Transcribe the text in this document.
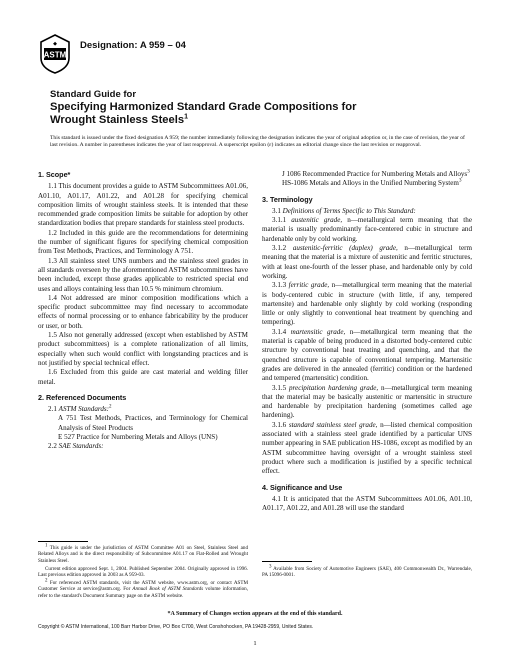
ASTM
◆ Designation: A 959 – 04
Standard Guide for
Specifying Harmonized Standard Grade Compositions for
Wrought Stainless Steels$^1$
This standard is issued under the fixed designation A 959; the number immediately following the designation indicates the year of original adoption or, in the case of revision, the year of last revision. A number in parentheses indicates the year of last reapproval. A superscript epsilon (ε) indicates an editorial change since the last revision or reapproval.
1. Scope*

1.1 This document provides a guide to ASTM Subcommittees A01.06, A01.10, A01.17, A01.22, and A01.28 for specifying chemical composition limits of wrought stainless steels. It is intended that these recommended grade composition limits be suitable for adoption by other standardization bodies that prepare standards for stainless steel products.

1.2 Included in this guide are the recommendations for determining the number of significant figures for specifying chemical composition from Test Methods, Practices, and Terminology A 751.

1.3 All stainless steel UNS numbers and the stainless steel grades in all standards overseen by the aforementioned ASTM subcommittees have been included, except those grades applicable to restricted special end uses and alloys containing less than 10.5 % minimum chromium.

1.4 Not addressed are minor composition modifications which a specific product subcommittee may find necessary to accommodate effects of normal processing or to enhance fabricability by the producer or user, or both.

1.5 Also not generally addressed (except when established by ASTM product subcommittees) is a complete rationalization of all limits, especially when such would conflict with longstanding practices and is not justified by special technical effect.

1.6 Excluded from this guide are cast material and welding filler metal.

2. Referenced Documents

2.1 ASTM Standards:$^2$

A 751 Test Methods, Practices, and Terminology for Chemical Analysis of Steel Products

E 527 Practice for Numbering Metals and Alloys (UNS)

2.2 SAE Standards:

J 1086 Recommended Practice for Numbering Metals and Alloys$^3$

HS-1086 Metals and Alloys in the Unified Numbering System$^3$

3. Terminology

3.1 Definitions of Terms Specific to This Standard:

3.1.1 austenitic grade, n—metallurgical term meaning that the material is usually predominantly face-centered cubic in structure and hardenable only by cold working.

3.1.2 austenitic-ferritic (duplex) grade, n—metallurgical term meaning that the material is a mixture of austenitic and ferritic structures, with at least one-fourth of the lesser phase, and hardenable only by cold working.

3.1.3 ferritic grade, n—metallurgical term meaning that the material is body-centered cubic in structure (with little, if any, tempered martensite) and hardenable only slightly by cold working (responding little or only slightly to conventional heat treatment by quenching and tempering).

3.1.4 martensitic grade, n—metallurgical term meaning that the material is capable of being produced in a distorted body-centered cubic structure by conventional heat treating and quenching, and that the quenched structure is capable of conventional tempering. Martensitic grades are delivered in the annealed (ferritic) condition or the hardened and tempered (martensitic) condition.

3.1.5 precipitation hardening grade, n—metallurgical term meaning that the material may be basically austenitic or martensitic in structure and hardenable by precipitation hardening (sometimes called age hardening).

3.1.6 standard stainless steel grade, n—listed chemical composition associated with a stainless steel grade identified by a particular UNS number appearing in SAE publication HS-1086, except as modified by an ASTM subcommittee having oversight of a wrought stainless steel product where such a modification is justified by a specific technical effect.

4. Significance and Use

4.1 It is anticipated that the ASTM Subcommittees A01.06, A01.10, A01.17, A01.22, and A01.28 will use the standard

$^1$ This guide is under the jurisdiction of ASTM Committee A01 on Steel, Stainless Steel and Related Alloys and is the direct responsibility of Subcommittee A01.17 on Flat-Rolled and Wrought Stainless Steel.

Current edition approved Sept. 1, 2004. Published September 2004. Originally approved in 1996. Last previous edition approved in 2003 as A 959-03.

$^2$ For referenced ASTM standards, visit the ASTM website, www.astm.org, or contact ASTM Customer Service at service@astm.org. For Annual Book of ASTM Standards volume information, refer to the standard's Document Summary page on the ASTM website.

$^3$ Available from Society of Automotive Engineers (SAE), 400 Commonwealth Dr., Warrendale, PA 15096-0001.

*A Summary of Changes section appears at the end of this standard.
Copyright © ASTM International, 100 Barr Harbor Drive, PO Box C700, West Conshohocken, PA 19428-2959, United States.
1
